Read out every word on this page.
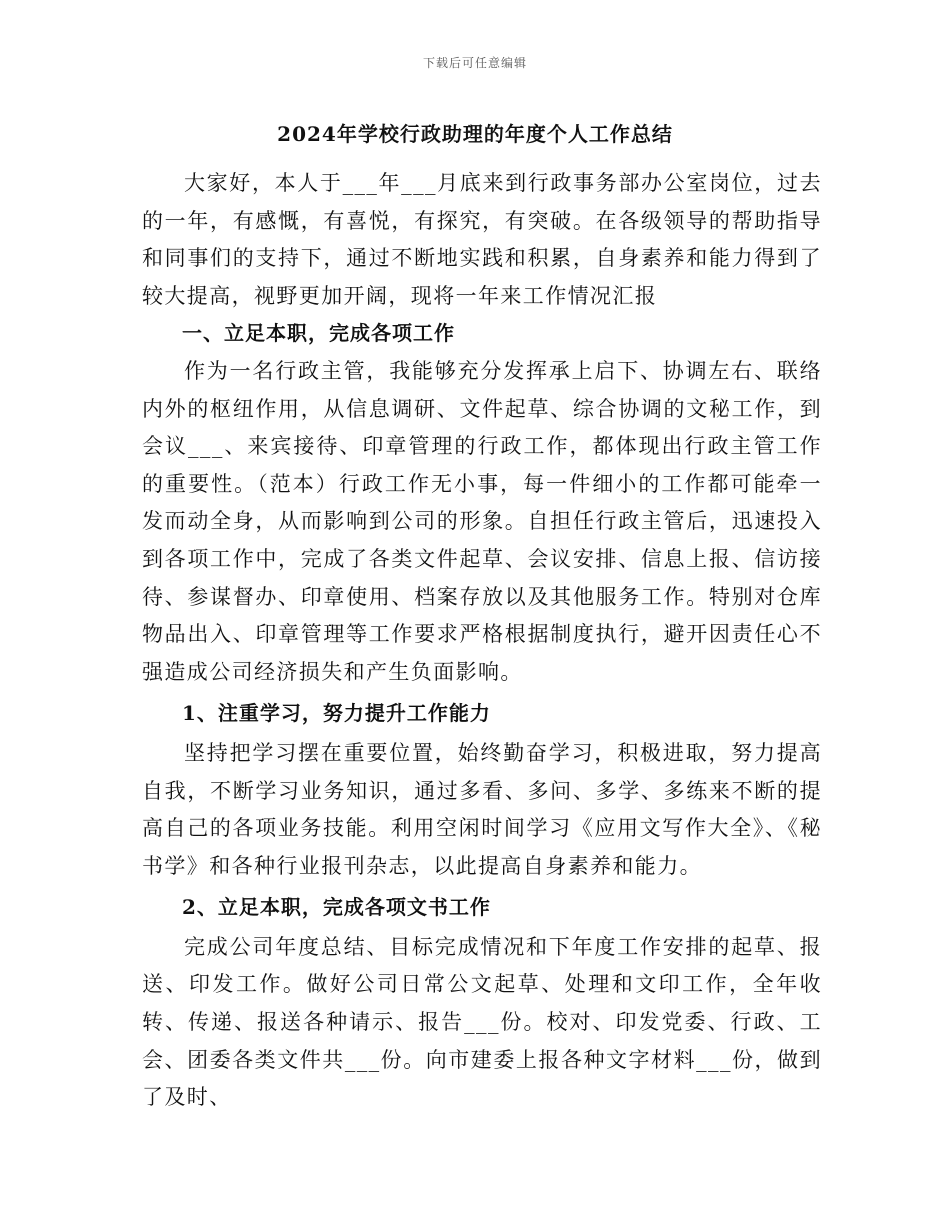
下载后可任意编辑
2024年学校行政助理的年度个人工作总结

大家好，本人于___年___月底来到行政事务部办公室岗位，过去的一年，有感慨，有喜悦，有探究，有突破。在各级领导的帮助指导和同事们的支持下，通过不断地实践和积累，自身素养和能力得到了较大提高，视野更加开阔，现将一年来工作情况汇报

一、立足本职，完成各项工作

作为一名行政主管，我能够充分发挥承上启下、协调左右、联络内外的枢纽作用，从信息调研、文件起草、综合协调的文秘工作，到会议___、来宾接待、印章管理的行政工作，都体现出行政主管工作的重要性。（范本）行政工作无小事，每一件细小的工作都可能牵一发而动全身，从而影响到公司的形象。自担任行政主管后，迅速投入到各项工作中，完成了各类文件起草、会议安排、信息上报、信访接待、参谋督办、印章使用、档案存放以及其他服务工作。特别对仓库物品出入、印章管理等工作要求严格根据制度执行，避开因责任心不强造成公司经济损失和产生负面影响。

1、注重学习，努力提升工作能力

坚持把学习摆在重要位置，始终勤奋学习，积极进取，努力提高自我，不断学习业务知识，通过多看、多问、多学、多练来不断的提高自己的各项业务技能。利用空闲时间学习《应用文写作大全》、《秘书学》和各种行业报刊杂志，以此提高自身素养和能力。

2、立足本职，完成各项文书工作

完成公司年度总结、目标完成情况和下年度工作安排的起草、报送、印发工作。做好公司日常公文起草、处理和文印工作，全年收转、传递、报送各种请示、报告___份。校对、印发党委、行政、工会、团委各类文件共___份。向市建委上报各种文字材料___份，做到了及时、
